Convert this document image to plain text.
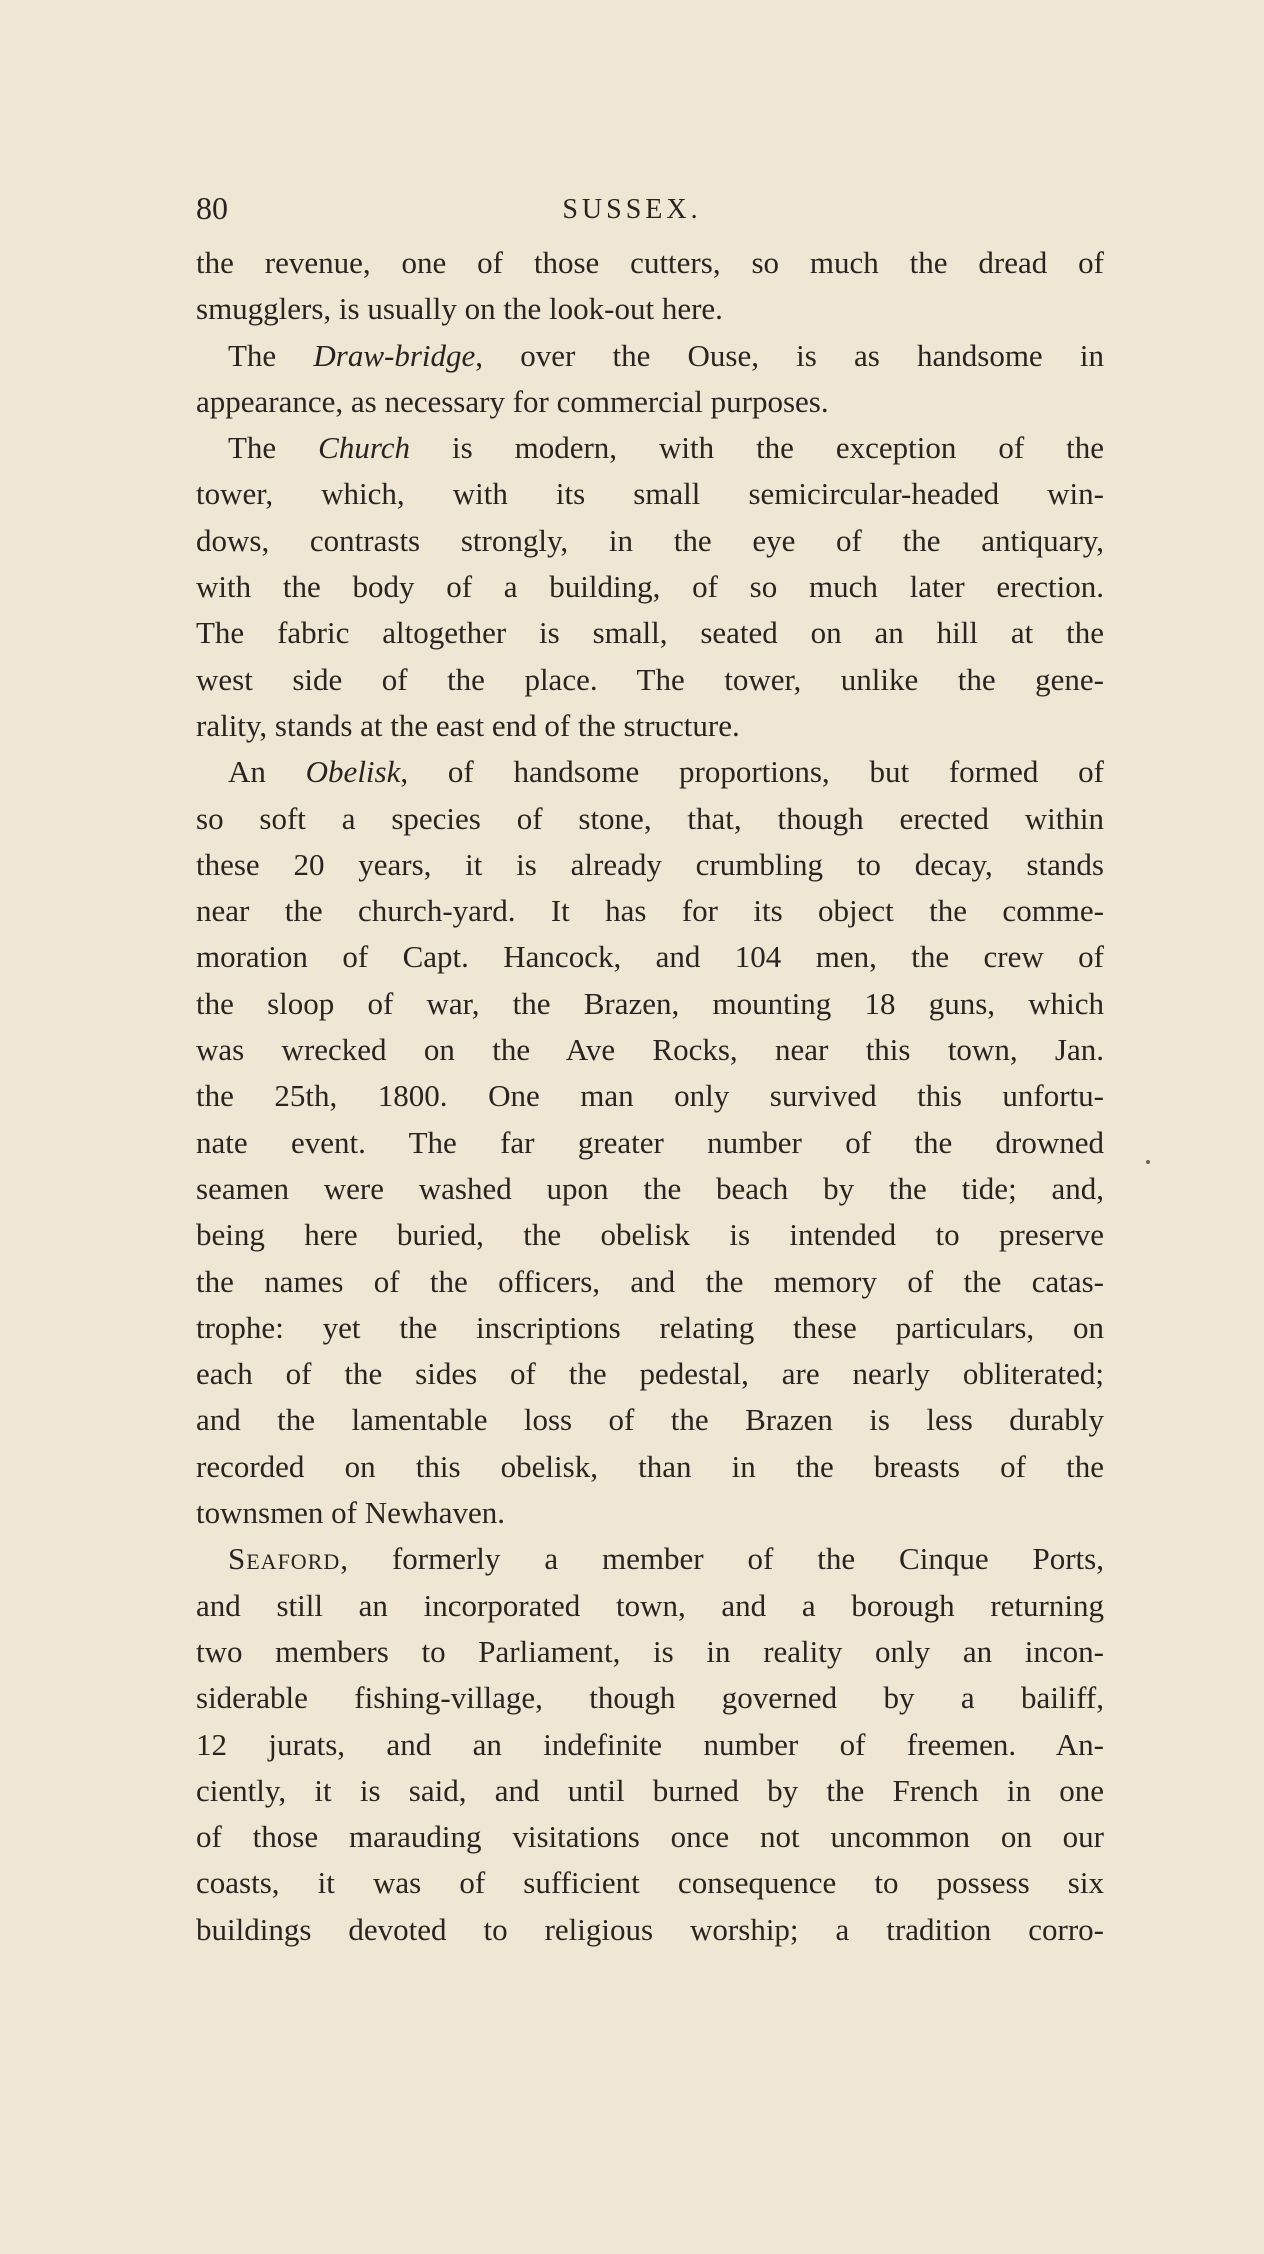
80	SUSSEX.
the revenue, one of those cutters, so much the dread of
smugglers, is usually on the look-out here.
The Draw-bridge, over the Ouse, is as handsome in
appearance, as necessary for commercial purposes.
The Church is modern, with the exception of the
tower, which, with its small semicircular-headed win-
dows, contrasts strongly, in the eye of the antiquary,
with the body of a building, of so much later erection.
The fabric altogether is small, seated on an hill at the
west side of the place. The tower, unlike the gene-
rality, stands at the east end of the structure.
An Obelisk, of handsome proportions, but formed of
so soft a species of stone, that, though erected within
these 20 years, it is already crumbling to decay, stands
near the church-yard. It has for its object the comme-
moration of Capt. Hancock, and 104 men, the crew of
the sloop of war, the Brazen, mounting 18 guns, which
was wrecked on the Ave Rocks, near this town, Jan.
the 25th, 1800. One man only survived this unfortu-
nate event. The far greater number of the drowned
seamen were washed upon the beach by the tide; and,
being here buried, the obelisk is intended to preserve
the names of the officers, and the memory of the catas-
trophe: yet the inscriptions relating these particulars, on
each of the sides of the pedestal, are nearly obliterated;
and the lamentable loss of the Brazen is less durably
recorded on this obelisk, than in the breasts of the
townsmen of Newhaven.
Seaford, formerly a member of the Cinque Ports,
and still an incorporated town, and a borough returning
two members to Parliament, is in reality only an incon-
siderable fishing-village, though governed by a bailiff,
12 jurats, and an indefinite number of freemen. An-
ciently, it is said, and until burned by the French in one
of those marauding visitations once not uncommon on our
coasts, it was of sufficient consequence to possess six
buildings devoted to religious worship; a tradition corro-
